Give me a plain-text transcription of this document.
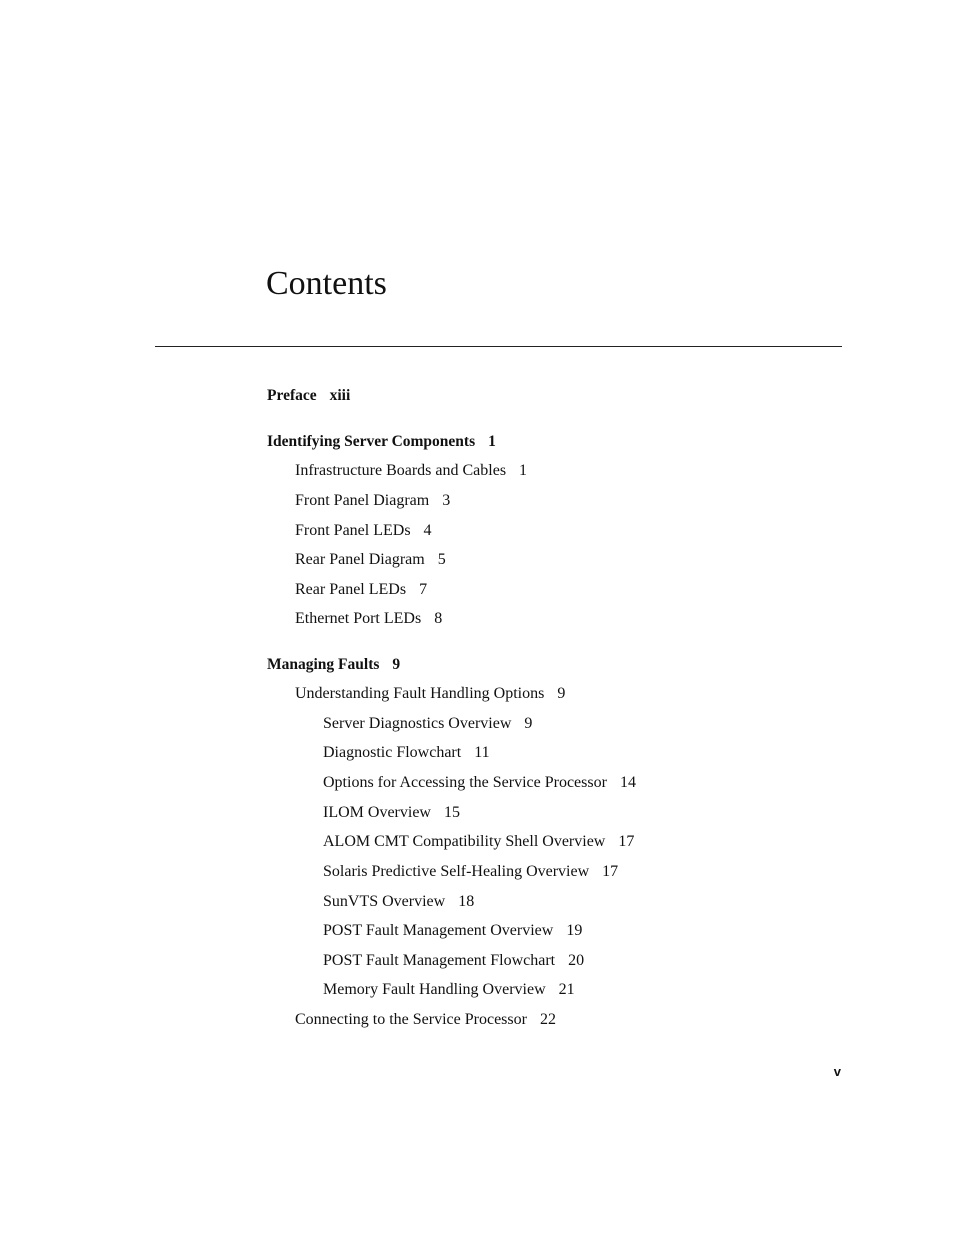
Contents
Preface xiii
Identifying Server Components 1
Infrastructure Boards and Cables 1
Front Panel Diagram 3
Front Panel LEDs 4
Rear Panel Diagram 5
Rear Panel LEDs 7
Ethernet Port LEDs 8
Managing Faults 9
Understanding Fault Handling Options 9
Server Diagnostics Overview 9
Diagnostic Flowchart 11
Options for Accessing the Service Processor 14
ILOM Overview 15
ALOM CMT Compatibility Shell Overview 17
Solaris Predictive Self-Healing Overview 17
SunVTS Overview 18
POST Fault Management Overview 19
POST Fault Management Flowchart 20
Memory Fault Handling Overview 21
Connecting to the Service Processor 22
v
